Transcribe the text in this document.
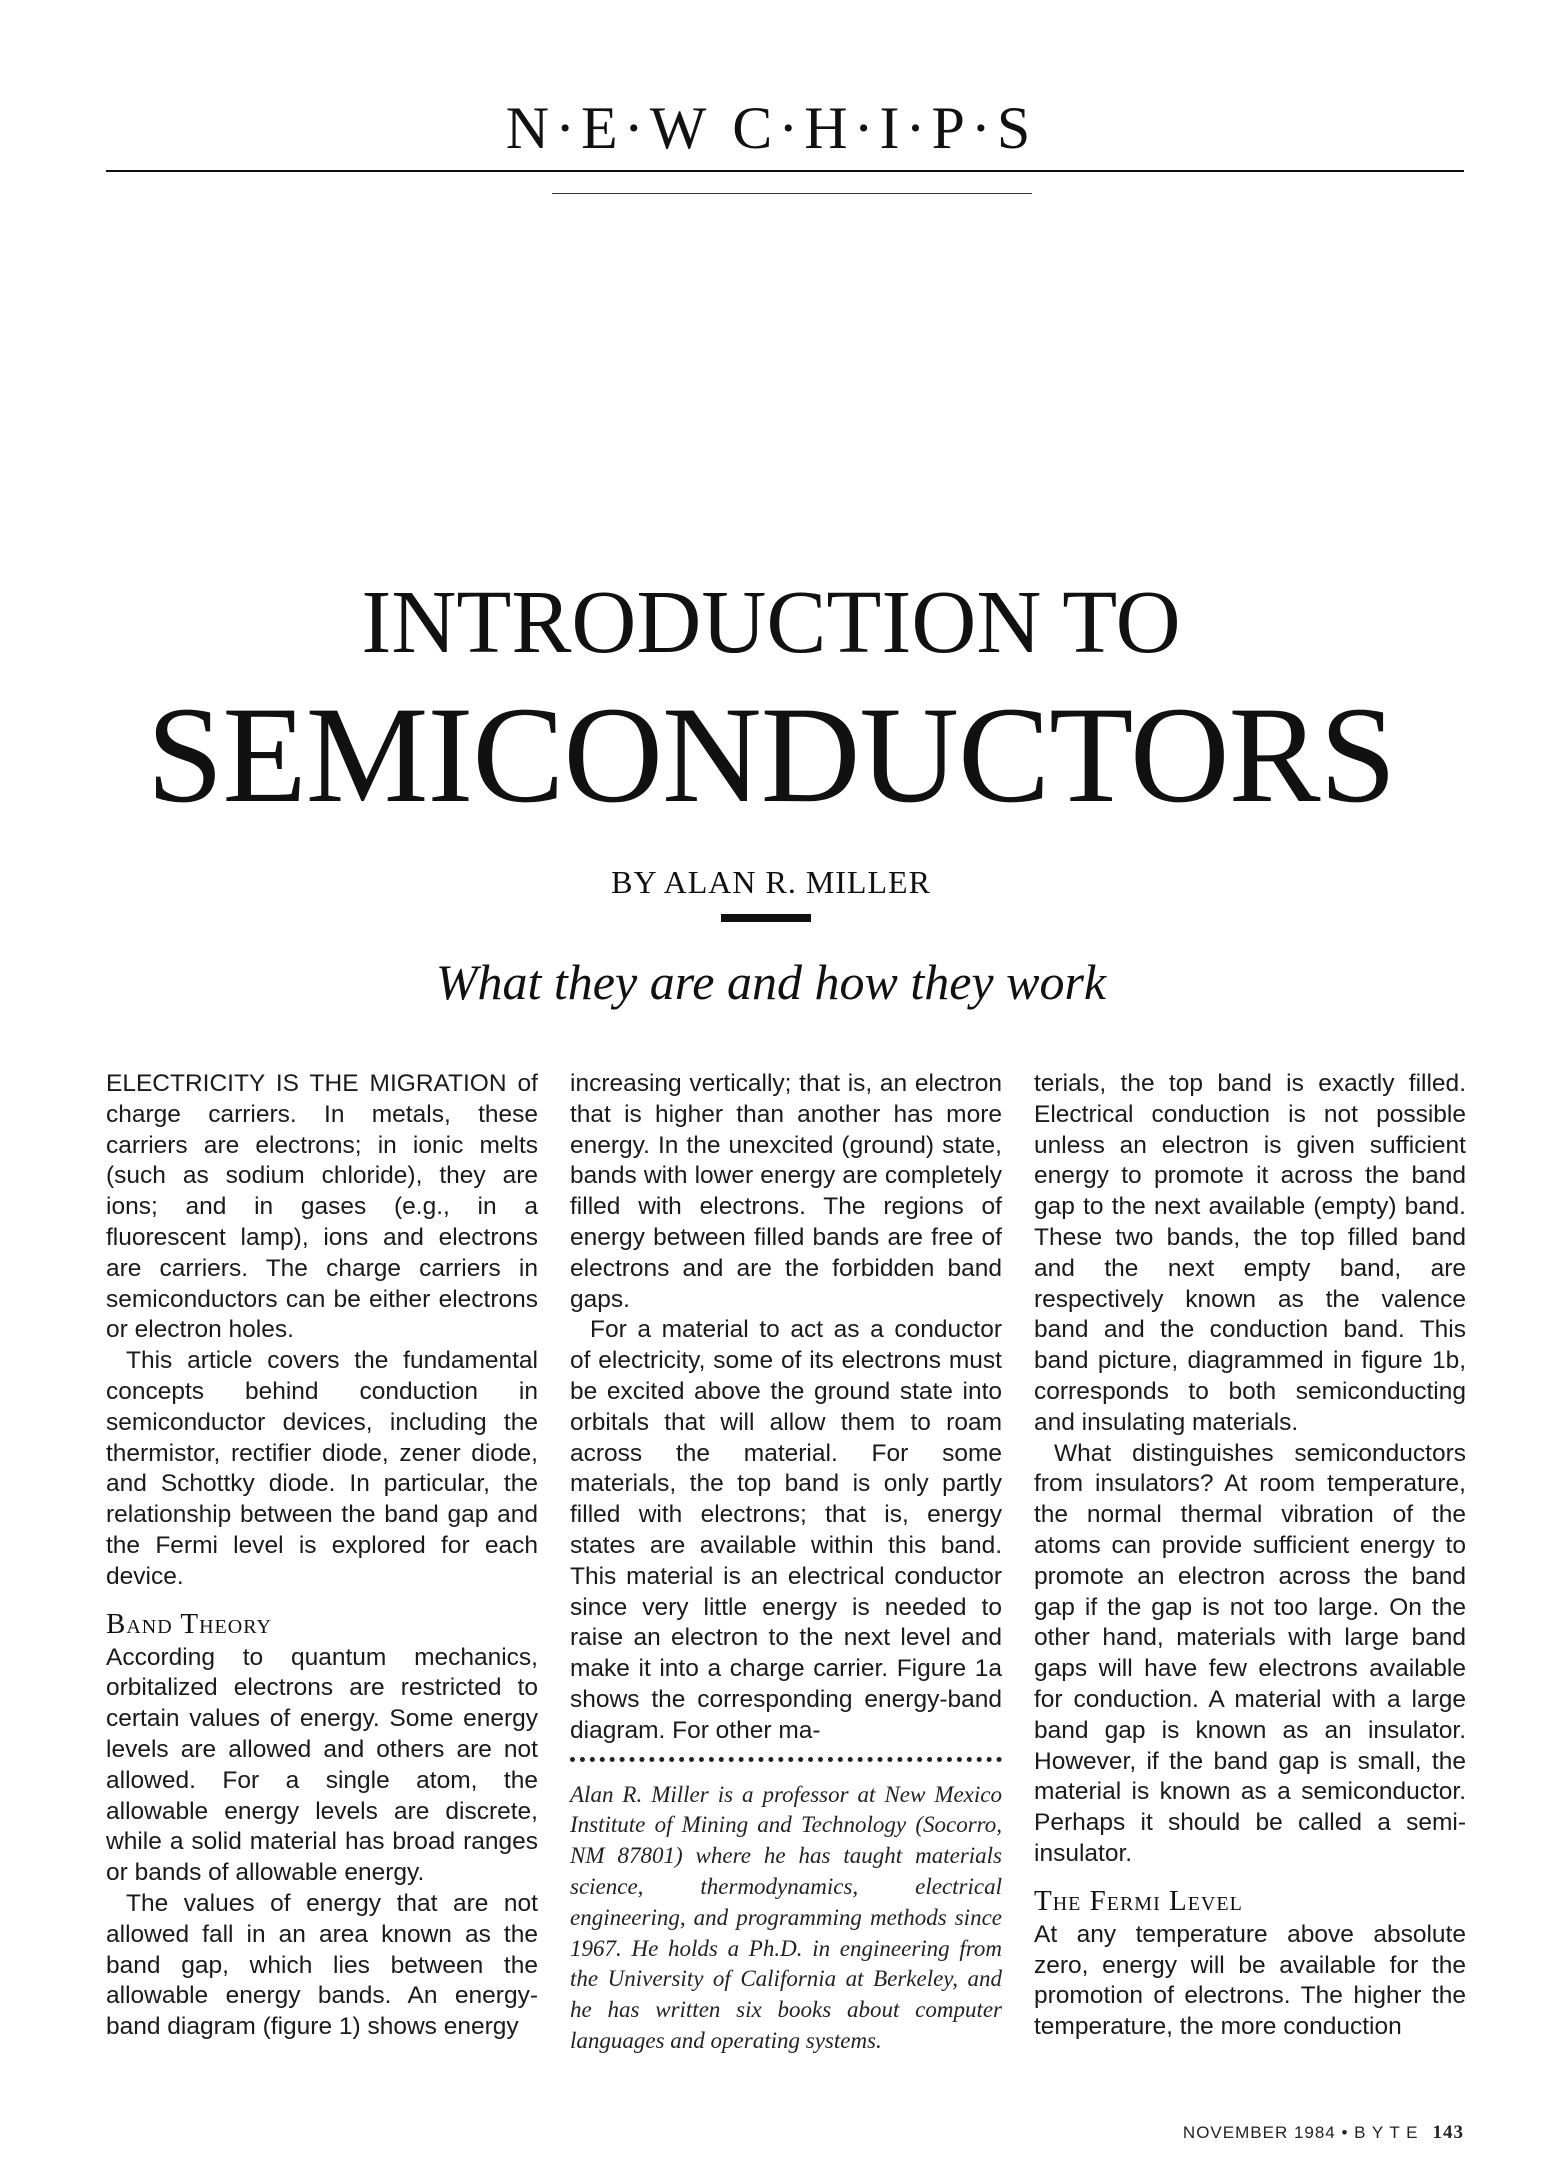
N·E·W C·H·I·P·S
INTRODUCTION TO
SEMICONDUCTORS
BY ALAN R. MILLER
What they are and how they work

ELECTRICITY IS THE MIGRATION of charge carriers. In metals, these carriers are electrons; in ionic melts (such as sodium chloride), they are ions; and in gases (e.g., in a fluorescent lamp), ions and electrons are carriers. The charge carriers in semiconductors can be either electrons or electron holes.

This article covers the fundamental concepts behind conduction in semiconductor devices, including the thermistor, rectifier diode, zener diode, and Schottky diode. In particular, the relationship between the band gap and the Fermi level is explored for each device.

Band Theory

According to quantum mechanics, orbitalized electrons are restricted to certain values of energy. Some energy levels are allowed and others are not allowed. For a single atom, the allowable energy levels are discrete, while a solid material has broad ranges or bands of allowable energy.

The values of energy that are not allowed fall in an area known as the band gap, which lies between the allowable energy bands. An energy-band diagram (figure 1) shows energy

increasing vertically; that is, an electron that is higher than another has more energy. In the unexcited (ground) state, bands with lower energy are completely filled with electrons. The regions of energy between filled bands are free of electrons and are the forbidden band gaps.

For a material to act as a conductor of electricity, some of its electrons must be excited above the ground state into orbitals that will allow them to roam across the material. For some materials, the top band is only partly filled with electrons; that is, energy states are available within this band. This material is an electrical conductor since very little energy is needed to raise an electron to the next level and make it into a charge carrier. Figure 1a shows the corresponding energy-band diagram. For other ma-

Alan R. Miller is a professor at New Mexico Institute of Mining and Technology (Socorro, NM 87801) where he has taught materials science, thermodynamics, electrical engineering, and programming methods since 1967. He holds a Ph.D. in engineering from the University of California at Berkeley, and he has written six books about computer languages and operating systems.

terials, the top band is exactly filled. Electrical conduction is not possible unless an electron is given sufficient energy to promote it across the band gap to the next available (empty) band. These two bands, the top filled band and the next empty band, are respectively known as the valence band and the conduction band. This band picture, diagrammed in figure 1b, corresponds to both semiconducting and insulating materials.

What distinguishes semiconductors from insulators? At room temperature, the normal thermal vibration of the atoms can provide sufficient energy to promote an electron across the band gap if the gap is not too large. On the other hand, materials with large band gaps will have few electrons available for conduction. A material with a large band gap is known as an insulator. However, if the band gap is small, the material is known as a semiconductor. Perhaps it should be called a semi-insulator.

The Fermi Level

At any temperature above absolute zero, energy will be available for the promotion of electrons. The higher the temperature, the more conduction

NOVEMBER 1984 • B Y T E 143
